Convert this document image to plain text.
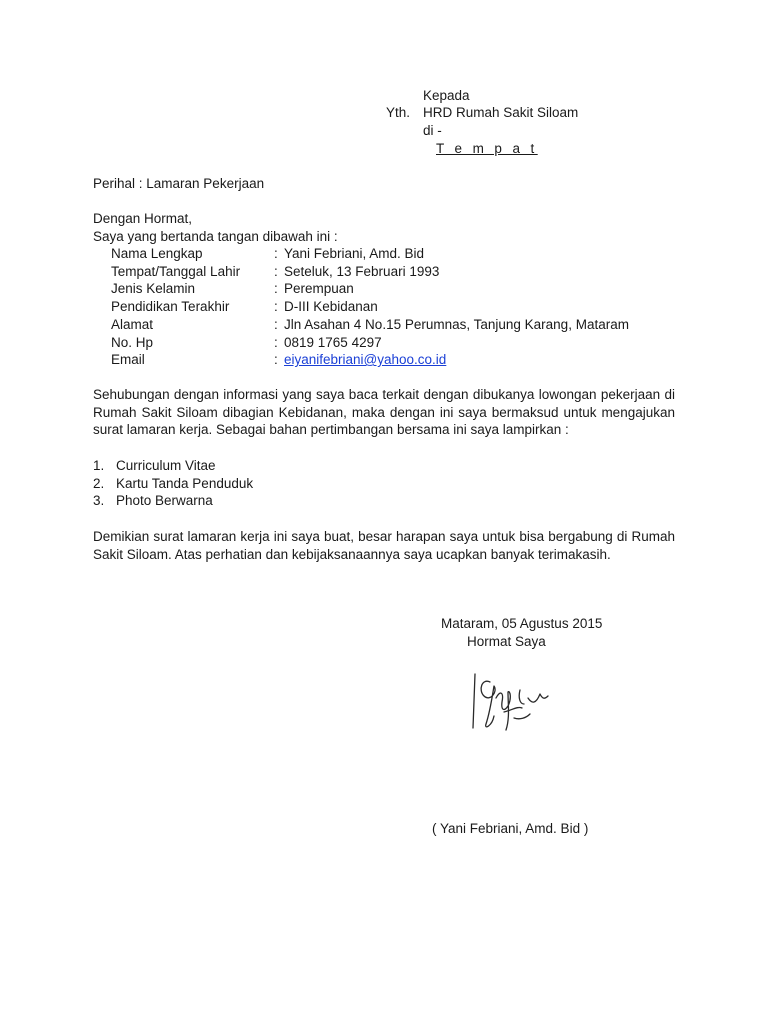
Kepada
Yth. HRD Rumah Sakit Siloam
di -
T e m p a t
Perihal : Lamaran Pekerjaan
Dengan Hormat,
Saya yang bertanda tangan dibawah ini :
Nama Lengkap	: Yani Febriani, Amd. Bid
Tempat/Tanggal Lahir	: Seteluk, 13 Februari 1993
Jenis Kelamin	: Perempuan
Pendidikan Terakhir	: D-III Kebidanan
Alamat	: Jln Asahan 4 No.15 Perumnas, Tanjung Karang, Mataram
No. Hp	: 0819 1765 4297
Email	: eiyanifebriani@yahoo.co.id
Sehubungan dengan informasi yang saya baca terkait dengan dibukanya lowongan pekerjaan di Rumah Sakit Siloam dibagian Kebidanan, maka dengan ini saya bermaksud untuk mengajukan surat lamaran kerja. Sebagai bahan pertimbangan bersama ini saya lampirkan :
1. Curriculum Vitae
2. Kartu Tanda Penduduk
3. Photo Berwarna
Demikian surat lamaran kerja ini saya buat, besar harapan saya untuk bisa bergabung di Rumah Sakit Siloam. Atas perhatian dan kebijaksanaannya saya ucapkan banyak terimakasih.
Mataram, 05 Agustus 2015
Hormat Saya
( Yani Febriani, Amd. Bid )
